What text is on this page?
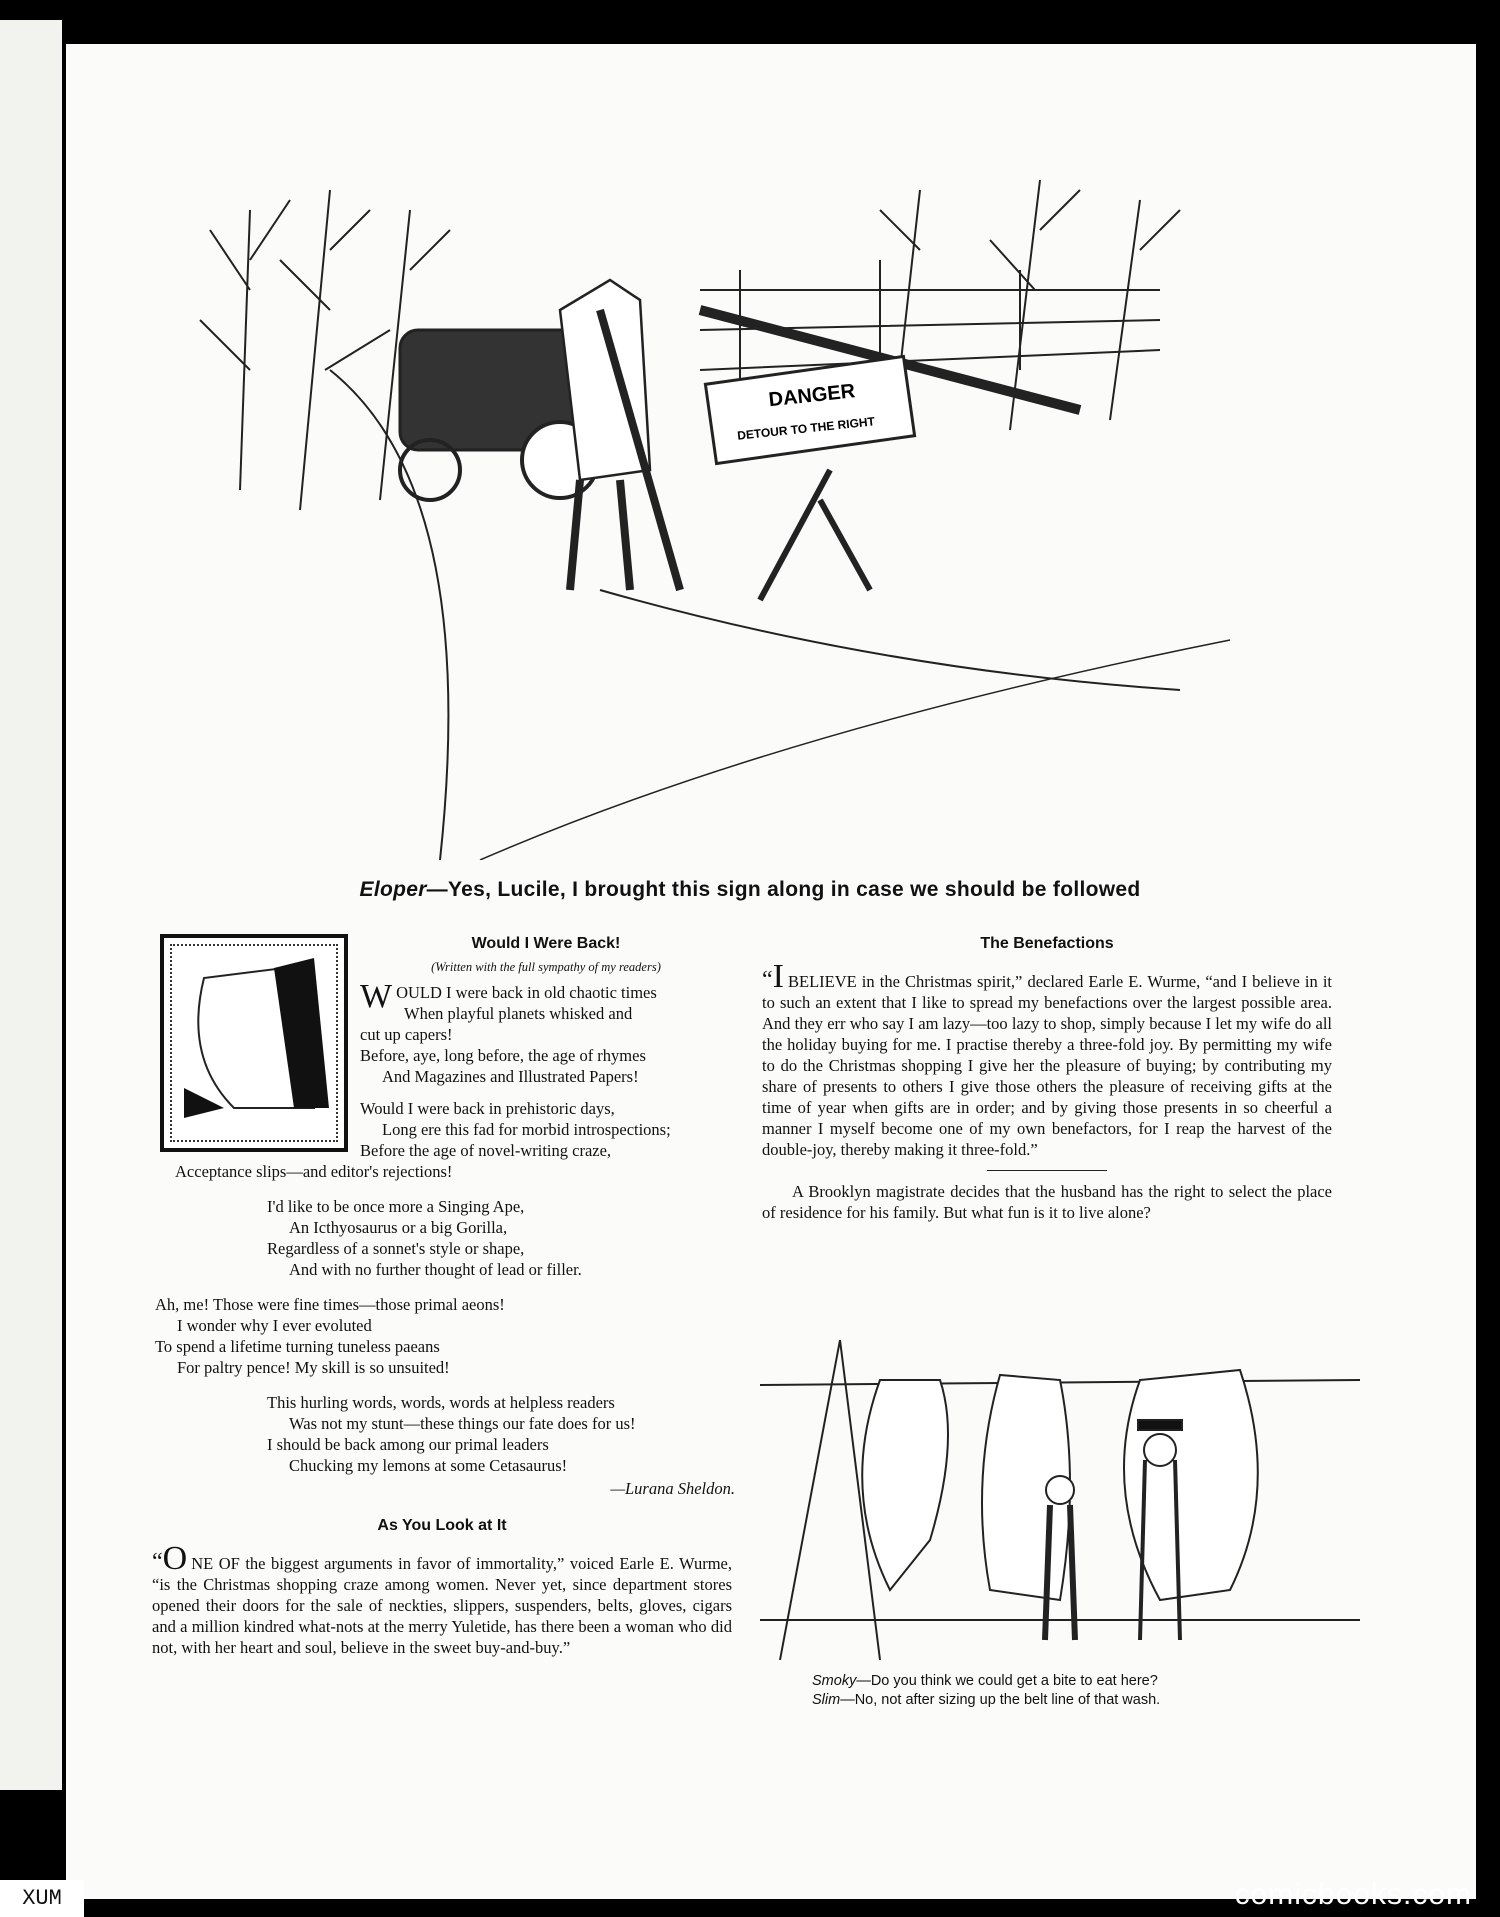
DANGER
DETOUR TO THE RIGHT
Eloper—Yes, Lucile, I brought this sign along in case we should be followed
Would I Were Back!
(Written with the full sympathy of my readers)
W OULD I were back in old chaotic times

When playful planets whisked and

cut up capers!

Before, aye, long before, the age of rhymes

And Magazines and Illustrated Papers!

Would I were back in prehistoric days,

Long ere this fad for morbid introspections;

Before the age of novel-writing craze,

Acceptance slips—and editor's rejections!

I'd like to be once more a Singing Ape,

An Icthyosaurus or a big Gorilla,

Regardless of a sonnet's style or shape,

And with no further thought of lead or filler.

Ah, me! Those were fine times—those primal aeons!

I wonder why I ever evoluted

To spend a lifetime turning tuneless paeans

For paltry pence! My skill is so unsuited!

This hurling words, words, words at helpless readers

Was not my stunt—these things our fate does for us!

I should be back among our primal leaders

Chucking my lemons at some Cetasaurus!

—Lurana Sheldon.
As You Look at It
“O NE OF the biggest arguments in favor of immortality,” voiced Earle E. Wurme, “is the Christmas shopping craze among women. Never yet, since department stores opened their doors for the sale of neckties, slippers, suspenders, belts, gloves, cigars and a million kindred what-nots at the merry Yuletide, has there been a woman who did not, with her heart and soul, believe in the sweet buy-and-buy.”
The Benefactions
“I BELIEVE in the Christmas spirit,” declared Earle E. Wurme, “and I believe in it to such an extent that I like to spread my benefactions over the largest possible area. And they err who say I am lazy—too lazy to shop, simply because I let my wife do all the holiday buying for me. I practise thereby a three-fold joy. By permitting my wife to do the Christmas shopping I give her the pleasure of buying; by contributing my share of presents to others I give those others the pleasure of receiving gifts at the time of year when gifts are in order; and by giving those presents in so cheerful a manner I myself become one of my own benefactors, for I reap the harvest of the double-joy, thereby making it three-fold.”
A Brooklyn magistrate decides that the husband has the right to select the place of residence for his family. But what fun is it to live alone?
Smoky—Do you think we could get a bite to eat here?
Slim—No, not after sizing up the belt line of that wash.
XUM	comicbooks.com
